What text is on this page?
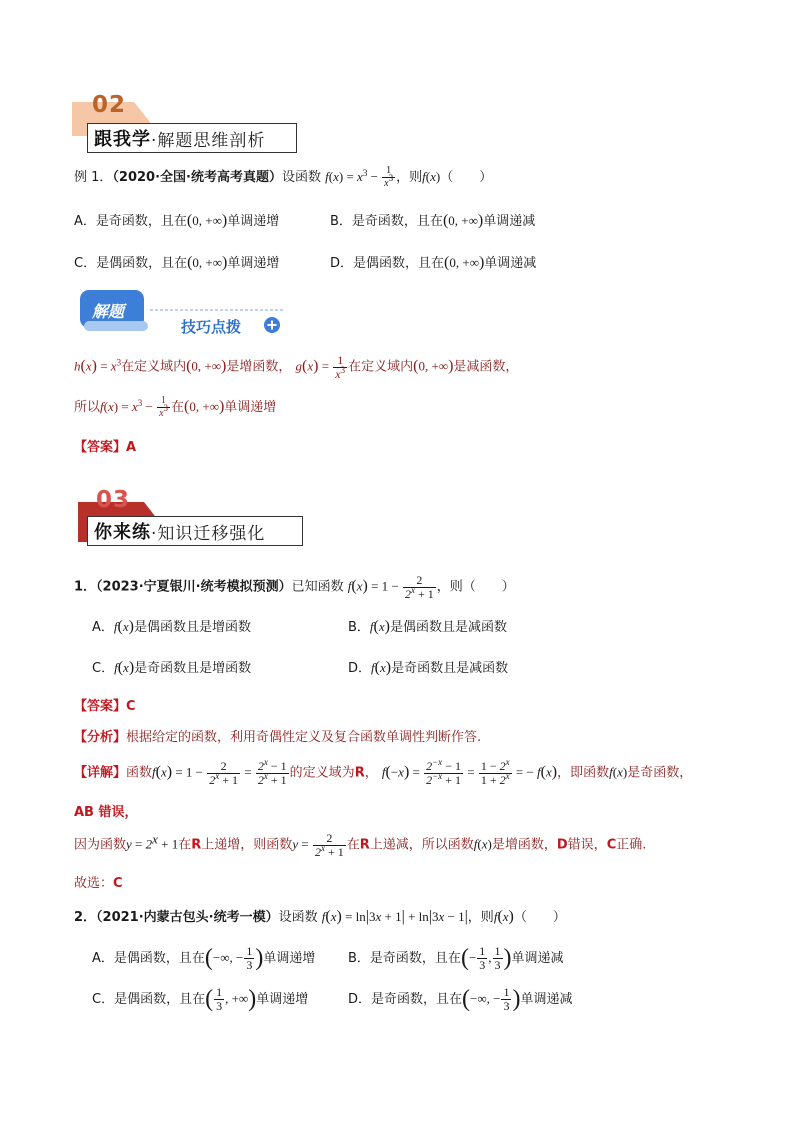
02
跟我学 ·解题思维剖析
例 1．（2020·全国·统考高考真题）设函数 $f(x) = x^3 - \frac{1}{x^3}$ ，则f(x)（　　）
A．是奇函数，且在(0, +∞)单调递增	B．是奇函数，且在(0, +∞)单调递减
C．是偶函数，且在(0, +∞)单调递增	D．是偶函数，且在(0, +∞)单调递减
解题
技巧点拨
$h(x) = x^3$在定义域内(0, +∞)是增函数， $g(x) = \frac{1}{x^3}$ 在定义域内(0, +∞)是减函数，
所以$f(x) = x^3 - \frac{1}{x^3}$ 在(0, +∞)单调递增
【答案】A
03
你来练 ·知识迁移强化
1．（2023·宁夏银川·统考模拟预测）已知函数 $f(x) = 1 - \frac{2}{2^x + 1}$ ，则（　　）
A．f(x)是偶函数且是增函数	B．f(x)是偶函数且是减函数
C．f(x)是奇函数且是增函数	D．f(x)是奇函数且是减函数
【答案】C
【分析】根据给定的函数，利用奇偶性定义及复合函数单调性判断作答.
【详解】函数$f(x) = 1 - \frac{2}{2^x + 1} = \frac{2^x - 1}{2^x + 1}$ 的定义域为R， $f(-x) = \frac{2^{-x} - 1}{2^{-x} + 1} = \frac{1 - 2^x}{1 + 2^x}$ = − f(x)，即函数f(x)是奇函数，
AB 错误，
因为函数$y = 2^x + 1$在R上递增，则函数$y = \frac{2}{2^x + 1}$ 在R上递减，所以函数f(x)是增函数，D错误，C正确.
故选：C
2．（2021·内蒙古包头·统考一模）设函数 f(x) = ln|3x + 1| + ln|3x − 1|，则f(x)（　　）
A．是偶函数，且在(−∞, − $\frac{1}{3}$ )单调递增	B．是奇函数，且在(− $\frac{1}{3}$ , $\frac{1}{3}$ )单调递减
C．是偶函数，且在( $\frac{1}{3}$ , +∞)单调递增	D．是奇函数，且在(−∞, − $\frac{1}{3}$ )单调递减
